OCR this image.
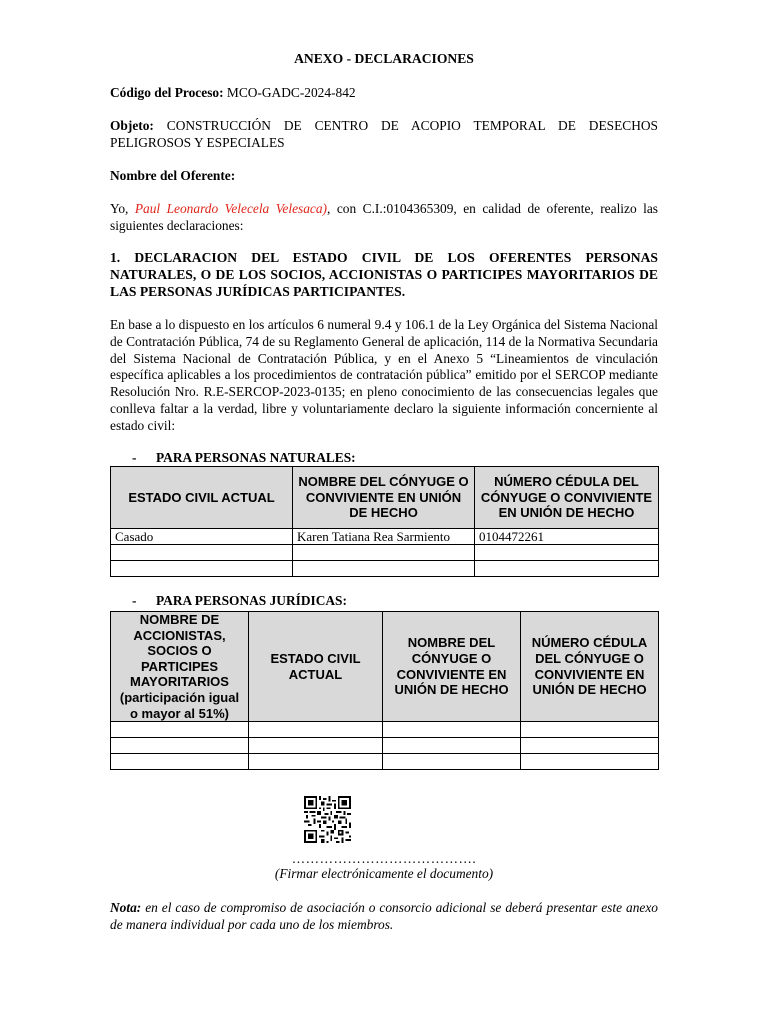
ANEXO - DECLARACIONES
Código del Proceso: MCO-GADC-2024-842
Objeto: CONSTRUCCIÓN DE CENTRO DE ACOPIO TEMPORAL DE DESECHOS PELIGROSOS Y ESPECIALES
Nombre del Oferente:
Yo, Paul Leonardo Velecela Velesaca), con C.I.:0104365309, en calidad de oferente, realizo las siguientes declaraciones:
1. DECLARACION DEL ESTADO CIVIL DE LOS OFERENTES PERSONAS NATURALES, O DE LOS SOCIOS, ACCIONISTAS O PARTICIPES MAYORITARIOS DE LAS PERSONAS JURÍDICAS PARTICIPANTES.
En base a lo dispuesto en los artículos 6 numeral 9.4 y 106.1 de la Ley Orgánica del Sistema Nacional de Contratación Pública, 74 de su Reglamento General de aplicación, 114 de la Normativa Secundaria del Sistema Nacional de Contratación Pública, y en el Anexo 5 “Lineamientos de vinculación específica aplicables a los procedimientos de contratación pública” emitido por el SERCOP mediante Resolución Nro. R.E-SERCOP-2023-0135; en pleno conocimiento de las consecuencias legales que conlleva faltar a la verdad, libre y voluntariamente declaro la siguiente información concerniente al estado civil:
- PARA PERSONAS NATURALES:
ESTADO CIVIL ACTUAL	NOMBRE DEL CÓNYUGE O CONVIVIENTE EN UNIÓN DE HECHO	NÚMERO CÉDULA DEL CÓNYUGE O CONVIVIENTE EN UNIÓN DE HECHO
Casado	Karen Tatiana Rea Sarmiento	0104472261

- PARA PERSONAS JURÍDICAS:
NOMBRE DE ACCIONISTAS, SOCIOS O PARTICIPES MAYORITARIOS (participación igual o mayor al 51%)	ESTADO CIVIL ACTUAL	NOMBRE DEL CÓNYUGE O CONVIVIENTE EN UNIÓN DE HECHO	NÚMERO CÉDULA DEL CÓNYUGE O CONVIVIENTE EN UNIÓN DE HECHO

………………………………….
(Firmar electrónicamente el documento)
Nota: en el caso de compromiso de asociación o consorcio adicional se deberá presentar este anexo de manera individual por cada uno de los miembros.
